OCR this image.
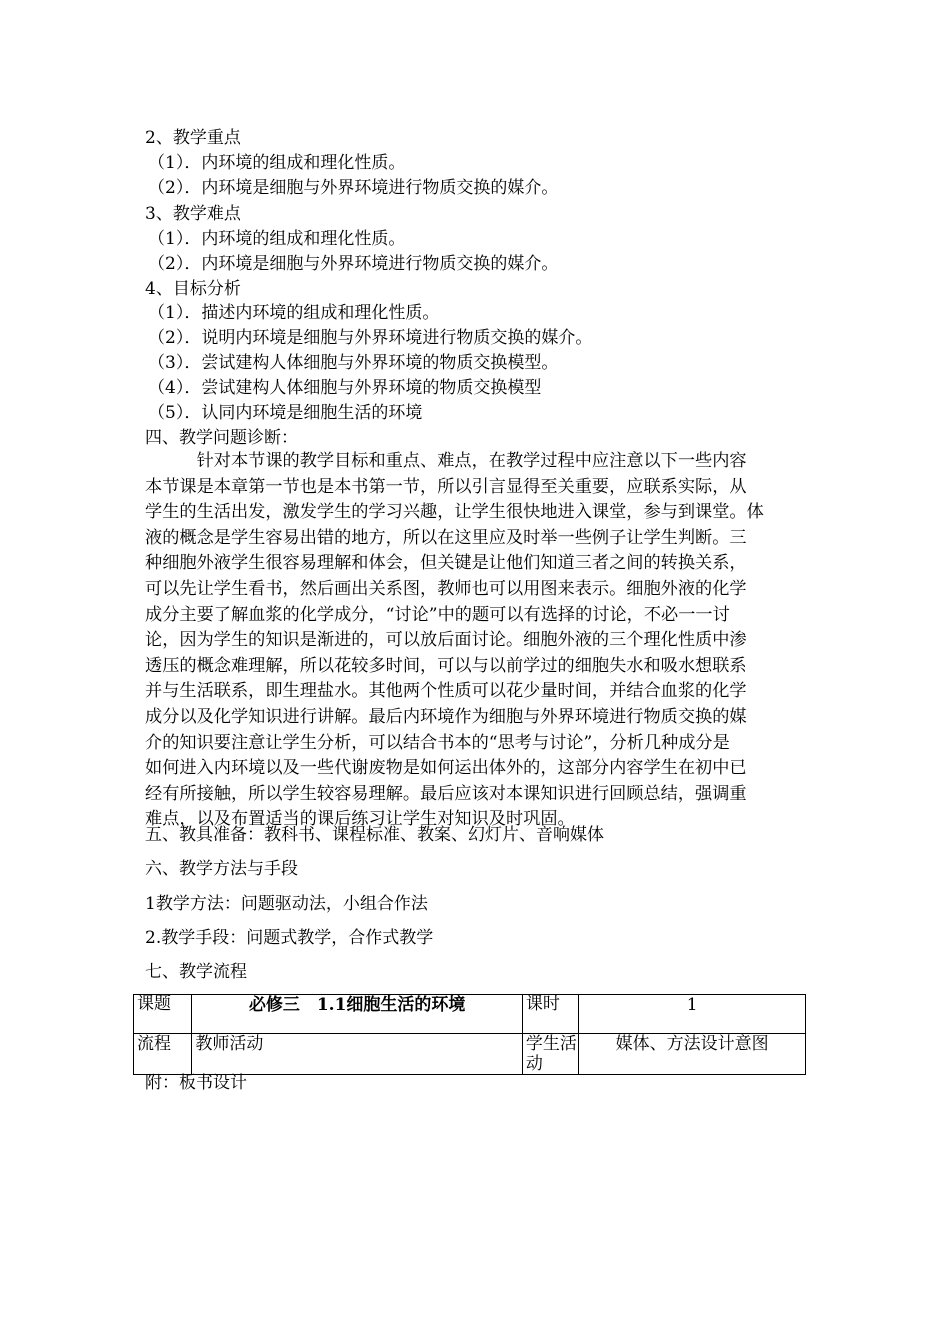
2、教学重点
（1）．内环境的组成和理化性质。
（2）．内环境是细胞与外界环境进行物质交换的媒介。
3、教学难点
（1）．内环境的组成和理化性质。
（2）．内环境是细胞与外界环境进行物质交换的媒介。
4、目标分析
（1）．描述内环境的组成和理化性质。
（2）．说明内环境是细胞与外界环境进行物质交换的媒介。
（3）．尝试建构人体细胞与外界环境的物质交换模型。
（4）．尝试建构人体细胞与外界环境的物质交换模型
（5）．认同内环境是细胞生活的环境
四、教学问题诊断：
　　　针对本节课的教学目标和重点、难点，在教学过程中应注意以下一些内容
本节课是本章第一节也是本书第一节，所以引言显得至关重要，应联系实际，从
学生的生活出发，激发学生的学习兴趣，让学生很快地进入课堂，参与到课堂。体
液的概念是学生容易出错的地方，所以在这里应及时举一些例子让学生判断。三
种细胞外液学生很容易理解和体会，但关键是让他们知道三者之间的转换关系，
可以先让学生看书，然后画出关系图，教师也可以用图来表示。细胞外液的化学
成分主要了解血浆的化学成分，“讨论”中的题可以有选择的讨论，不必一一讨
论，因为学生的知识是渐进的，可以放后面讨论。细胞外液的三个理化性质中渗
透压的概念难理解，所以花较多时间，可以与以前学过的细胞失水和吸水想联系
并与生活联系，即生理盐水。其他两个性质可以花少量时间，并结合血浆的化学
成分以及化学知识进行讲解。最后内环境作为细胞与外界环境进行物质交换的媒
介的知识要注意让学生分析，可以结合书本的“思考与讨论”，分析几种成分是
如何进入内环境以及一些代谢废物是如何运出体外的，这部分内容学生在初中已
经有所接触，所以学生较容易理解。最后应该对本课知识进行回顾总结，强调重
难点，以及布置适当的课后练习让学生对知识及时巩固。
五、教具准备：教科书、课程标准、教案、幻灯片、音响媒体
六、教学方法与手段
1教学方法：问题驱动法，小组合作法
2.教学手段：问题式教学，合作式教学
七、教学流程
课题	必修三　1.1细胞生活的环境	课时	1
流程	教师活动	学生活动	媒体、方法设计意图
附：板书设计
